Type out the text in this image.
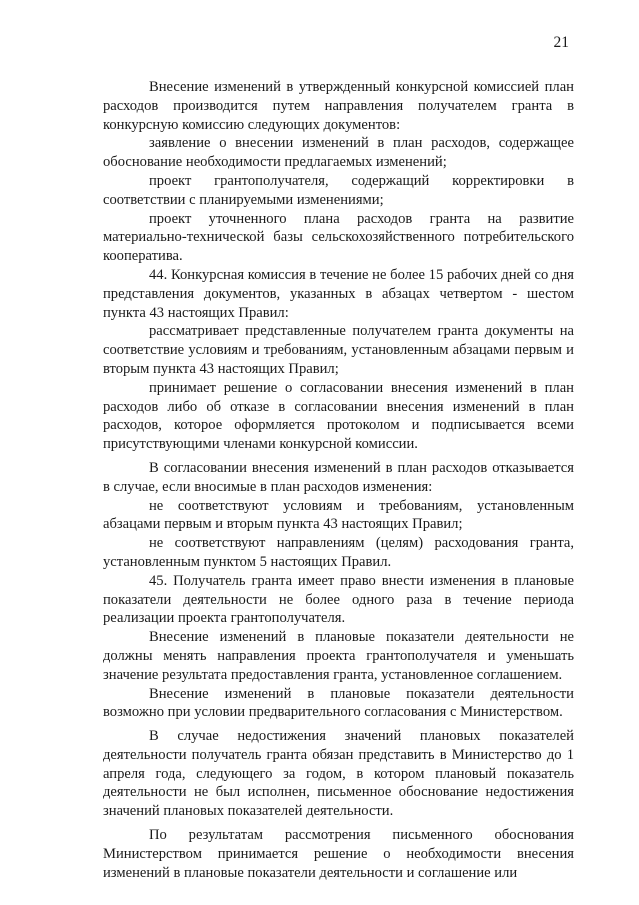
21

Внесение изменений в утвержденный конкурсной комиссией план расходов производится путем направления получателем гранта в конкурсную комиссию следующих документов:

заявление о внесении изменений в план расходов, содержащее обоснование необходимости предлагаемых изменений;

проект грантополучателя, содержащий корректировки в соответствии с планируемыми изменениями;

проект уточненного плана расходов гранта на развитие материально-технической базы сельскохозяйственного потребительского кооператива.

44. Конкурсная комиссия в течение не более 15 рабочих дней со дня представления документов, указанных в абзацах четвертом - шестом пункта 43 настоящих Правил:

рассматривает представленные получателем гранта документы на соответствие условиям и требованиям, установленным абзацами первым и вторым пункта 43 настоящих Правил;

принимает решение о согласовании внесения изменений в план расходов либо об отказе в согласовании внесения изменений в план расходов, которое оформляется протоколом и подписывается всеми присутствующими членами конкурсной комиссии.

В согласовании внесения изменений в план расходов отказывается в случае, если вносимые в план расходов изменения:

не соответствуют условиям и требованиям, установленным абзацами первым и вторым пункта 43 настоящих Правил;

не соответствуют направлениям (целям) расходования гранта, установленным пунктом 5 настоящих Правил.

45. Получатель гранта имеет право внести изменения в плановые показатели деятельности не более одного раза в течение периода реализации проекта грантополучателя.

Внесение изменений в плановые показатели деятельности не должны менять направления проекта грантополучателя и уменьшать значение результата предоставления гранта, установленное соглашением.

Внесение изменений в плановые показатели деятельности возможно при условии предварительного согласования с Министерством.

В случае недостижения значений плановых показателей деятельности получатель гранта обязан представить в Министерство до 1 апреля года, следующего за годом, в котором плановый показатель деятельности не был исполнен, письменное обоснование недостижения значений плановых показателей деятельности.

По результатам рассмотрения письменного обоснования Министерством принимается решение о необходимости внесения изменений в плановые показатели деятельности и соглашение или
